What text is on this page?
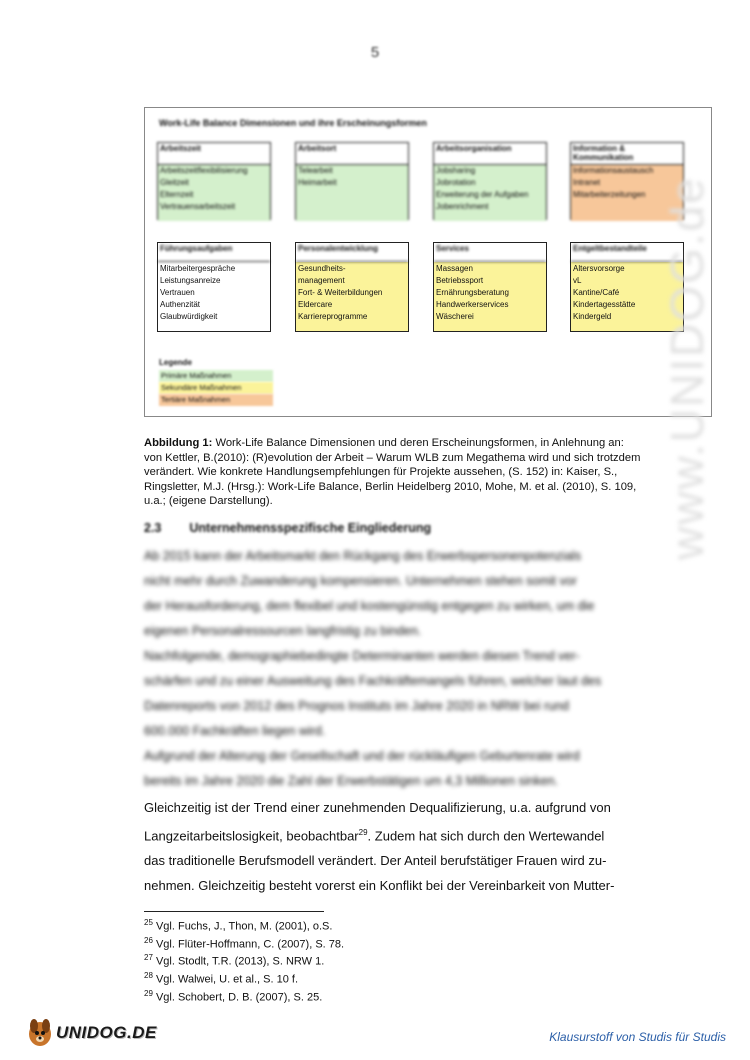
5
Work-Life Balance Dimensionen und ihre Erscheinungsformen
Legende
Primäre Maßnahmen
Sekundäre Maßnahmen
Tertiäre Maßnahmen
Arbeitszeit
Arbeitszeitflexibilisierung
Gleitzeit
Elternzeit
Vertrauensarbeitszeit
Arbeitsort
Telearbeit
Heimarbeit
Arbeitsorganisation
Jobsharing
Jobrotation
Erweiterung der Aufgaben
Jobenrichment
Information & Kommunikation
Informationsaustausch
Intranet
Mitarbeiterzeitungen
Führungsaufgaben
Mitarbeitergespräche
Leistungsanreize
Vertrauen
Authenzität
Glaubwürdigkeit
Personalentwicklung
Gesundheits-
management
Fort- & Weiterbildungen
Eldercare
Karriereprogramme
Services
Massagen
Betriebssport
Ernährungsberatung
Handwerkerservices
Wäscherei
Entgeltbestandteile
Altersvorsorge
vL
Kantine/Café
Kindertagesstätte
Kindergeld
Abbildung 1: Work-Life Balance Dimensionen und deren Erscheinungsformen, in Anlehnung an:
von Kettler, B.(2010): (R)evolution der Arbeit – Warum WLB zum Megathema wird und sich trotzdem
verändert. Wie konkrete Handlungsempfehlungen für Projekte aussehen, (S. 152) in: Kaiser, S.,
Ringsletter, M.J. (Hrsg.): Work-Life Balance, Berlin Heidelberg 2010, Mohe, M. et al. (2010), S. 109,
u.a.; (eigene Darstellung).
2.3 Unternehmensspezifische Eingliederung
Ab 2015 kann der Arbeitsmarkt den Rückgang des Erwerbspersonenpotenzials
nicht mehr durch Zuwanderung kompensieren. Unternehmen stehen somit vor
der Herausforderung, dem flexibel und kostengünstig entgegen zu wirken, um die
eigenen Personalressourcen langfristig zu binden.
Nachfolgende, demographiebedingte Determinanten werden diesen Trend ver-
schärfen und zu einer Ausweitung des Fachkräftemangels führen, welcher laut des
Datenreports von 2012 des Prognos Instituts im Jahre 2020 in NRW bei rund
600.000 Fachkräften liegen wird.
Aufgrund der Alterung der Gesellschaft und der rückläufigen Geburtenrate wird
bereits im Jahre 2020 die Zahl der Erwerbstätigen um 4,3 Millionen sinken.
Gleichzeitig ist der Trend einer zunehmenden Dequalifizierung, u.a. aufgrund von
Langzeitarbeitslosigkeit, beobachtbar$^{29}$. Zudem hat sich durch den Wertewandel
das traditionelle Berufsmodell verändert. Der Anteil berufstätiger Frauen wird zu-
nehmen. Gleichzeitig besteht vorerst ein Konflikt bei der Vereinbarkeit von Mutter-
$^{25}$ Vgl. Fuchs, J., Thon, M. (2001), o.S.
$^{26}$ Vgl. Flüter-Hoffmann, C. (2007), S. 78.
$^{27}$ Vgl. Stodlt, T.R. (2013), S. NRW 1.
$^{28}$ Vgl. Walwei, U. et al., S. 10 f.
$^{29}$ Vgl. Schobert, D. B. (2007), S. 25.
www.UNIDOG.de
UNIDOG.DE	Klausurstoff von Studis für Studis
